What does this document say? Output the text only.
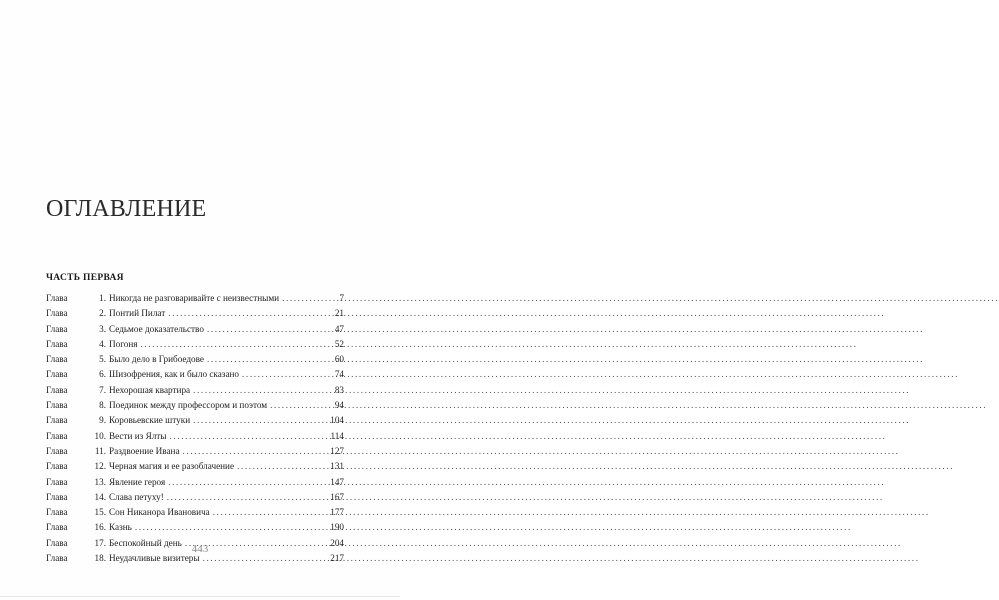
ОГЛАВЛЕНИЕ
ЧАСТЬ ПЕРВАЯ
Глава	1. Никогда не разговаривайте с неизвестными .....	7
Глава	2. Понтий Пилат .....	21
Глава	3. Седьмое доказательство .....	47
Глава	4. Погоня .....	52
Глава	5. Было дело в Грибоедове .....	60
Глава	6. Шизофрения, как и было сказано .....	74
Глава	7. Нехорошая квартира .....	83
Глава	8. Поединок между профессором и поэтом .....	94
Глава	9. Коровьевские штуки .....	104
Глава	10. Вести из Ялты .....	114
Глава	11. Раздвоение Ивана .....	127
Глава	12. Черная магия и ее разоблачение .....	131
Глава	13. Явление героя .....	147
Глава	14. Слава петуху! .....	167
Глава	15. Сон Никанора Ивановича .....	177
Глава	16. Казнь .....	190
Глава	17. Беспокойный день .....	204
Глава	18. Неудачливые визитеры .....	217
443
